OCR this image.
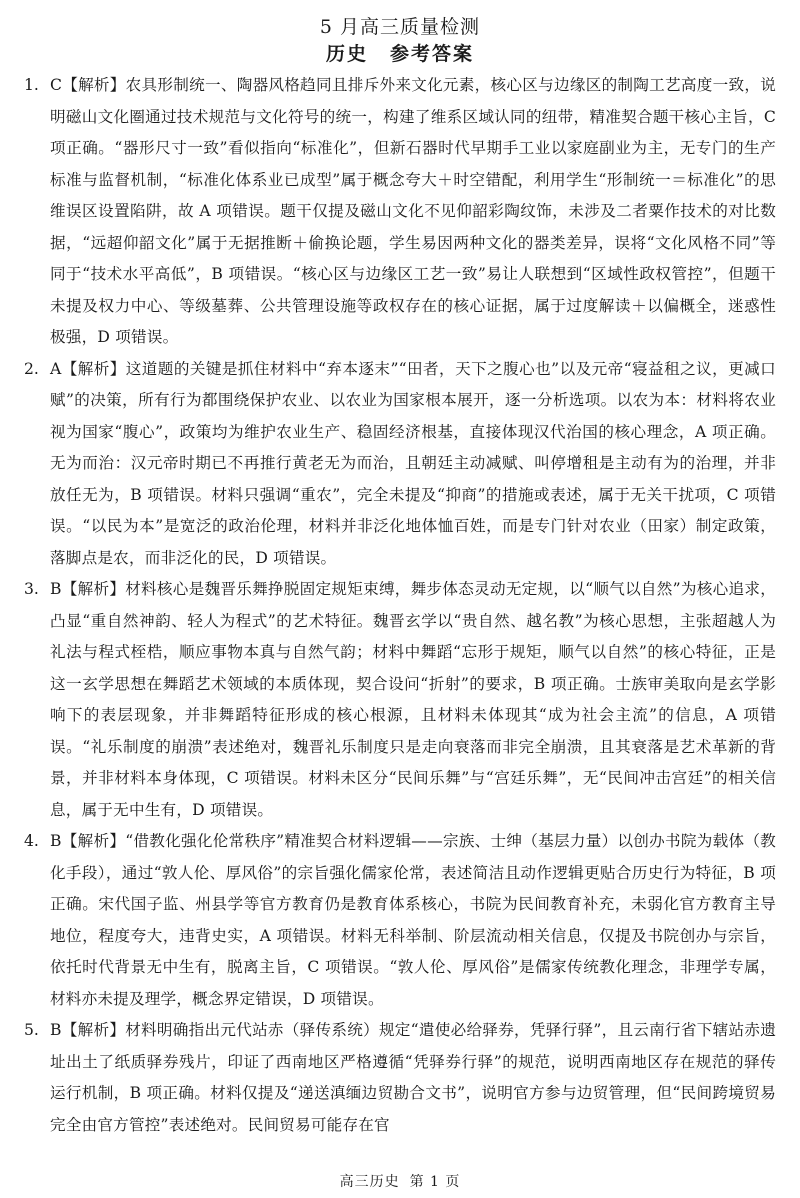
5 月高三质量检测
历史 参考答案
1. C【解析】农具形制统一、陶器风格趋同且排斥外来文化元素，核心区与边缘区的制陶工艺高度一致，说明磁山文化圈通过技术规范与文化符号的统一，构建了维系区域认同的纽带，精准契合题干核心主旨，C 项正确。“器形尺寸一致”看似指向“标准化”，但新石器时代早期手工业以家庭副业为主，无专门的生产标准与监督机制，“标准化体系业已成型”属于概念夸大＋时空错配，利用学生“形制统一＝标准化”的思维误区设置陷阱，故 A 项错误。题干仅提及磁山文化不见仰韶彩陶纹饰，未涉及二者粟作技术的对比数据，“远超仰韶文化”属于无据推断＋偷换论题，学生易因两种文化的器类差异，误将“文化风格不同”等同于“技术水平高低”，B 项错误。“核心区与边缘区工艺一致”易让人联想到“区域性政权管控”，但题干未提及权力中心、等级墓葬、公共管理设施等政权存在的核心证据，属于过度解读＋以偏概全，迷惑性极强，D 项错误。

2. A【解析】这道题的关键是抓住材料中“弃本逐末”“田者，天下之腹心也”以及元帝“寝益租之议，更减口赋”的决策，所有行为都围绕保护农业、以农业为国家根本展开，逐一分析选项。以农为本：材料将农业视为国家“腹心”，政策均为维护农业生产、稳固经济根基，直接体现汉代治国的核心理念，A 项正确。无为而治：汉元帝时期已不再推行黄老无为而治，且朝廷主动减赋、叫停增租是主动有为的治理，并非放任无为，B 项错误。材料只强调“重农”，完全未提及“抑商”的措施或表述，属于无关干扰项，C 项错误。“以民为本”是宽泛的政治伦理，材料并非泛化地体恤百姓，而是专门针对农业（田家）制定政策，落脚点是农，而非泛化的民，D 项错误。

3. B【解析】材料核心是魏晋乐舞挣脱固定规矩束缚，舞步体态灵动无定规，以“顺气以自然”为核心追求，凸显“重自然神韵、轻人为程式”的艺术特征。魏晋玄学以“贵自然、越名教”为核心思想，主张超越人为礼法与程式桎梏，顺应事物本真与自然气韵；材料中舞蹈“忘形于规矩，顺气以自然”的核心特征，正是这一玄学思想在舞蹈艺术领域的本质体现，契合设问“折射”的要求，B 项正确。士族审美取向是玄学影响下的表层现象，并非舞蹈特征形成的核心根源，且材料未体现其“成为社会主流”的信息，A 项错误。“礼乐制度的崩溃”表述绝对，魏晋礼乐制度只是走向衰落而非完全崩溃，且其衰落是艺术革新的背景，并非材料本身体现，C 项错误。材料未区分“民间乐舞”与“宫廷乐舞”，无“民间冲击宫廷”的相关信息，属于无中生有，D 项错误。

4. B【解析】“借教化强化伦常秩序”精准契合材料逻辑——宗族、士绅（基层力量）以创办书院为载体（教化手段），通过“敦人伦、厚风俗”的宗旨强化儒家伦常，表述简洁且动作逻辑更贴合历史行为特征，B 项正确。宋代国子监、州县学等官方教育仍是教育体系核心，书院为民间教育补充，未弱化官方教育主导地位，程度夸大，违背史实，A 项错误。材料无科举制、阶层流动相关信息，仅提及书院创办与宗旨，依托时代背景无中生有，脱离主旨，C 项错误。“敦人伦、厚风俗”是儒家传统教化理念，非理学专属，材料亦未提及理学，概念界定错误，D 项错误。

5. B【解析】材料明确指出元代站赤（驿传系统）规定“遣使必给驿券，凭驿行驿”，且云南行省下辖站赤遗址出土了纸质驿券残片，印证了西南地区严格遵循“凭驿券行驿”的规范，说明西南地区存在规范的驿传运行机制，B 项正确。材料仅提及“递送滇缅边贸勘合文书”，说明官方参与边贸管理，但“民间跨境贸易完全由官方管控”表述绝对。民间贸易可能存在官

高三历史 第 1 页
